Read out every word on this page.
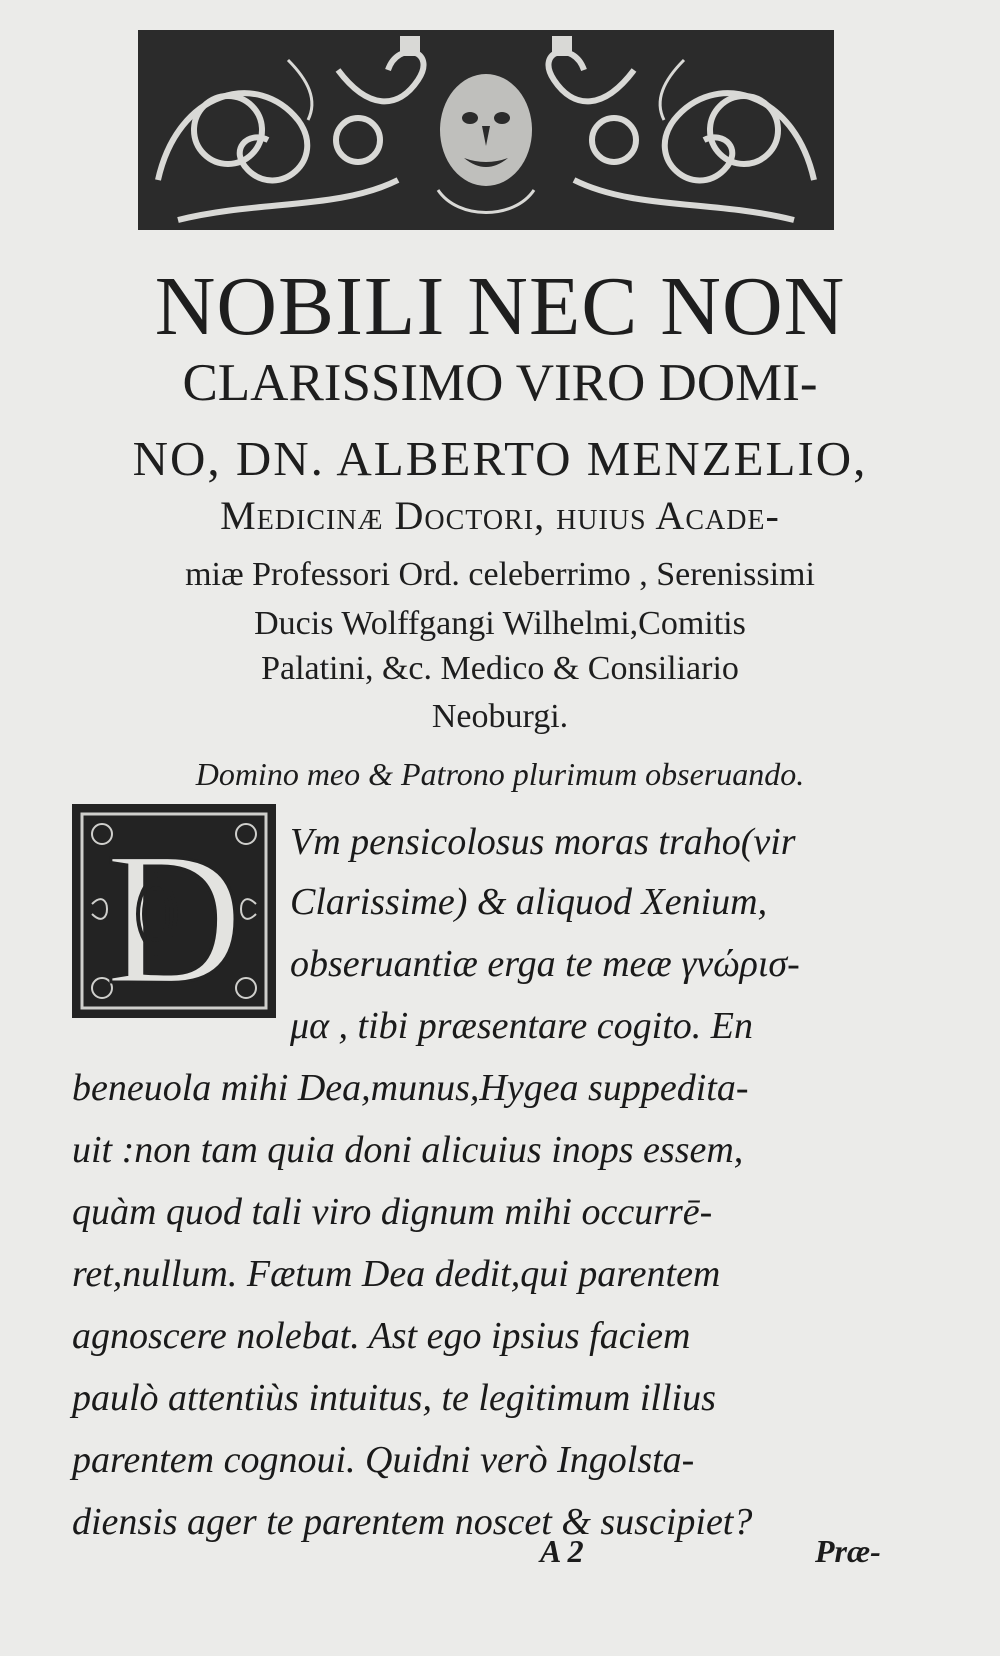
NOBILI NEC NON
CLARISSIMO VIRO DOMI-
NO, DN. ALBERTO MENZELIO,
Medicinæ Doctori, huius Acade-
miæ Professori Ord. celeberrimo , Serenissimi
Ducis Wolffgangi Wilhelmi,Comitis
Palatini, &c. Medico & Consiliario
Neoburgi.
Domino meo & Patrono plurimum obseruando.
D Vm pensicolosus moras traho(vir
Clarissime) & aliquod Xenium,
obseruantiæ erga te meæ γνώρισ-
μα , tibi præsentare cogito. En
beneuola mihi Dea,munus,Hygea suppedita-
uit :non tam quia doni alicuius inops essem,
quàm quod tali viro dignum mihi occurrē-
ret,nullum. Fætum Dea dedit,qui parentem
agnoscere nolebat. Ast ego ipsius faciem
paulò attentiùs intuitus, te legitimum illius
parentem cognoui. Quidni verò Ingolsta-
diensis ager te parentem noscet & suscipiet?
A 2	Præ-
